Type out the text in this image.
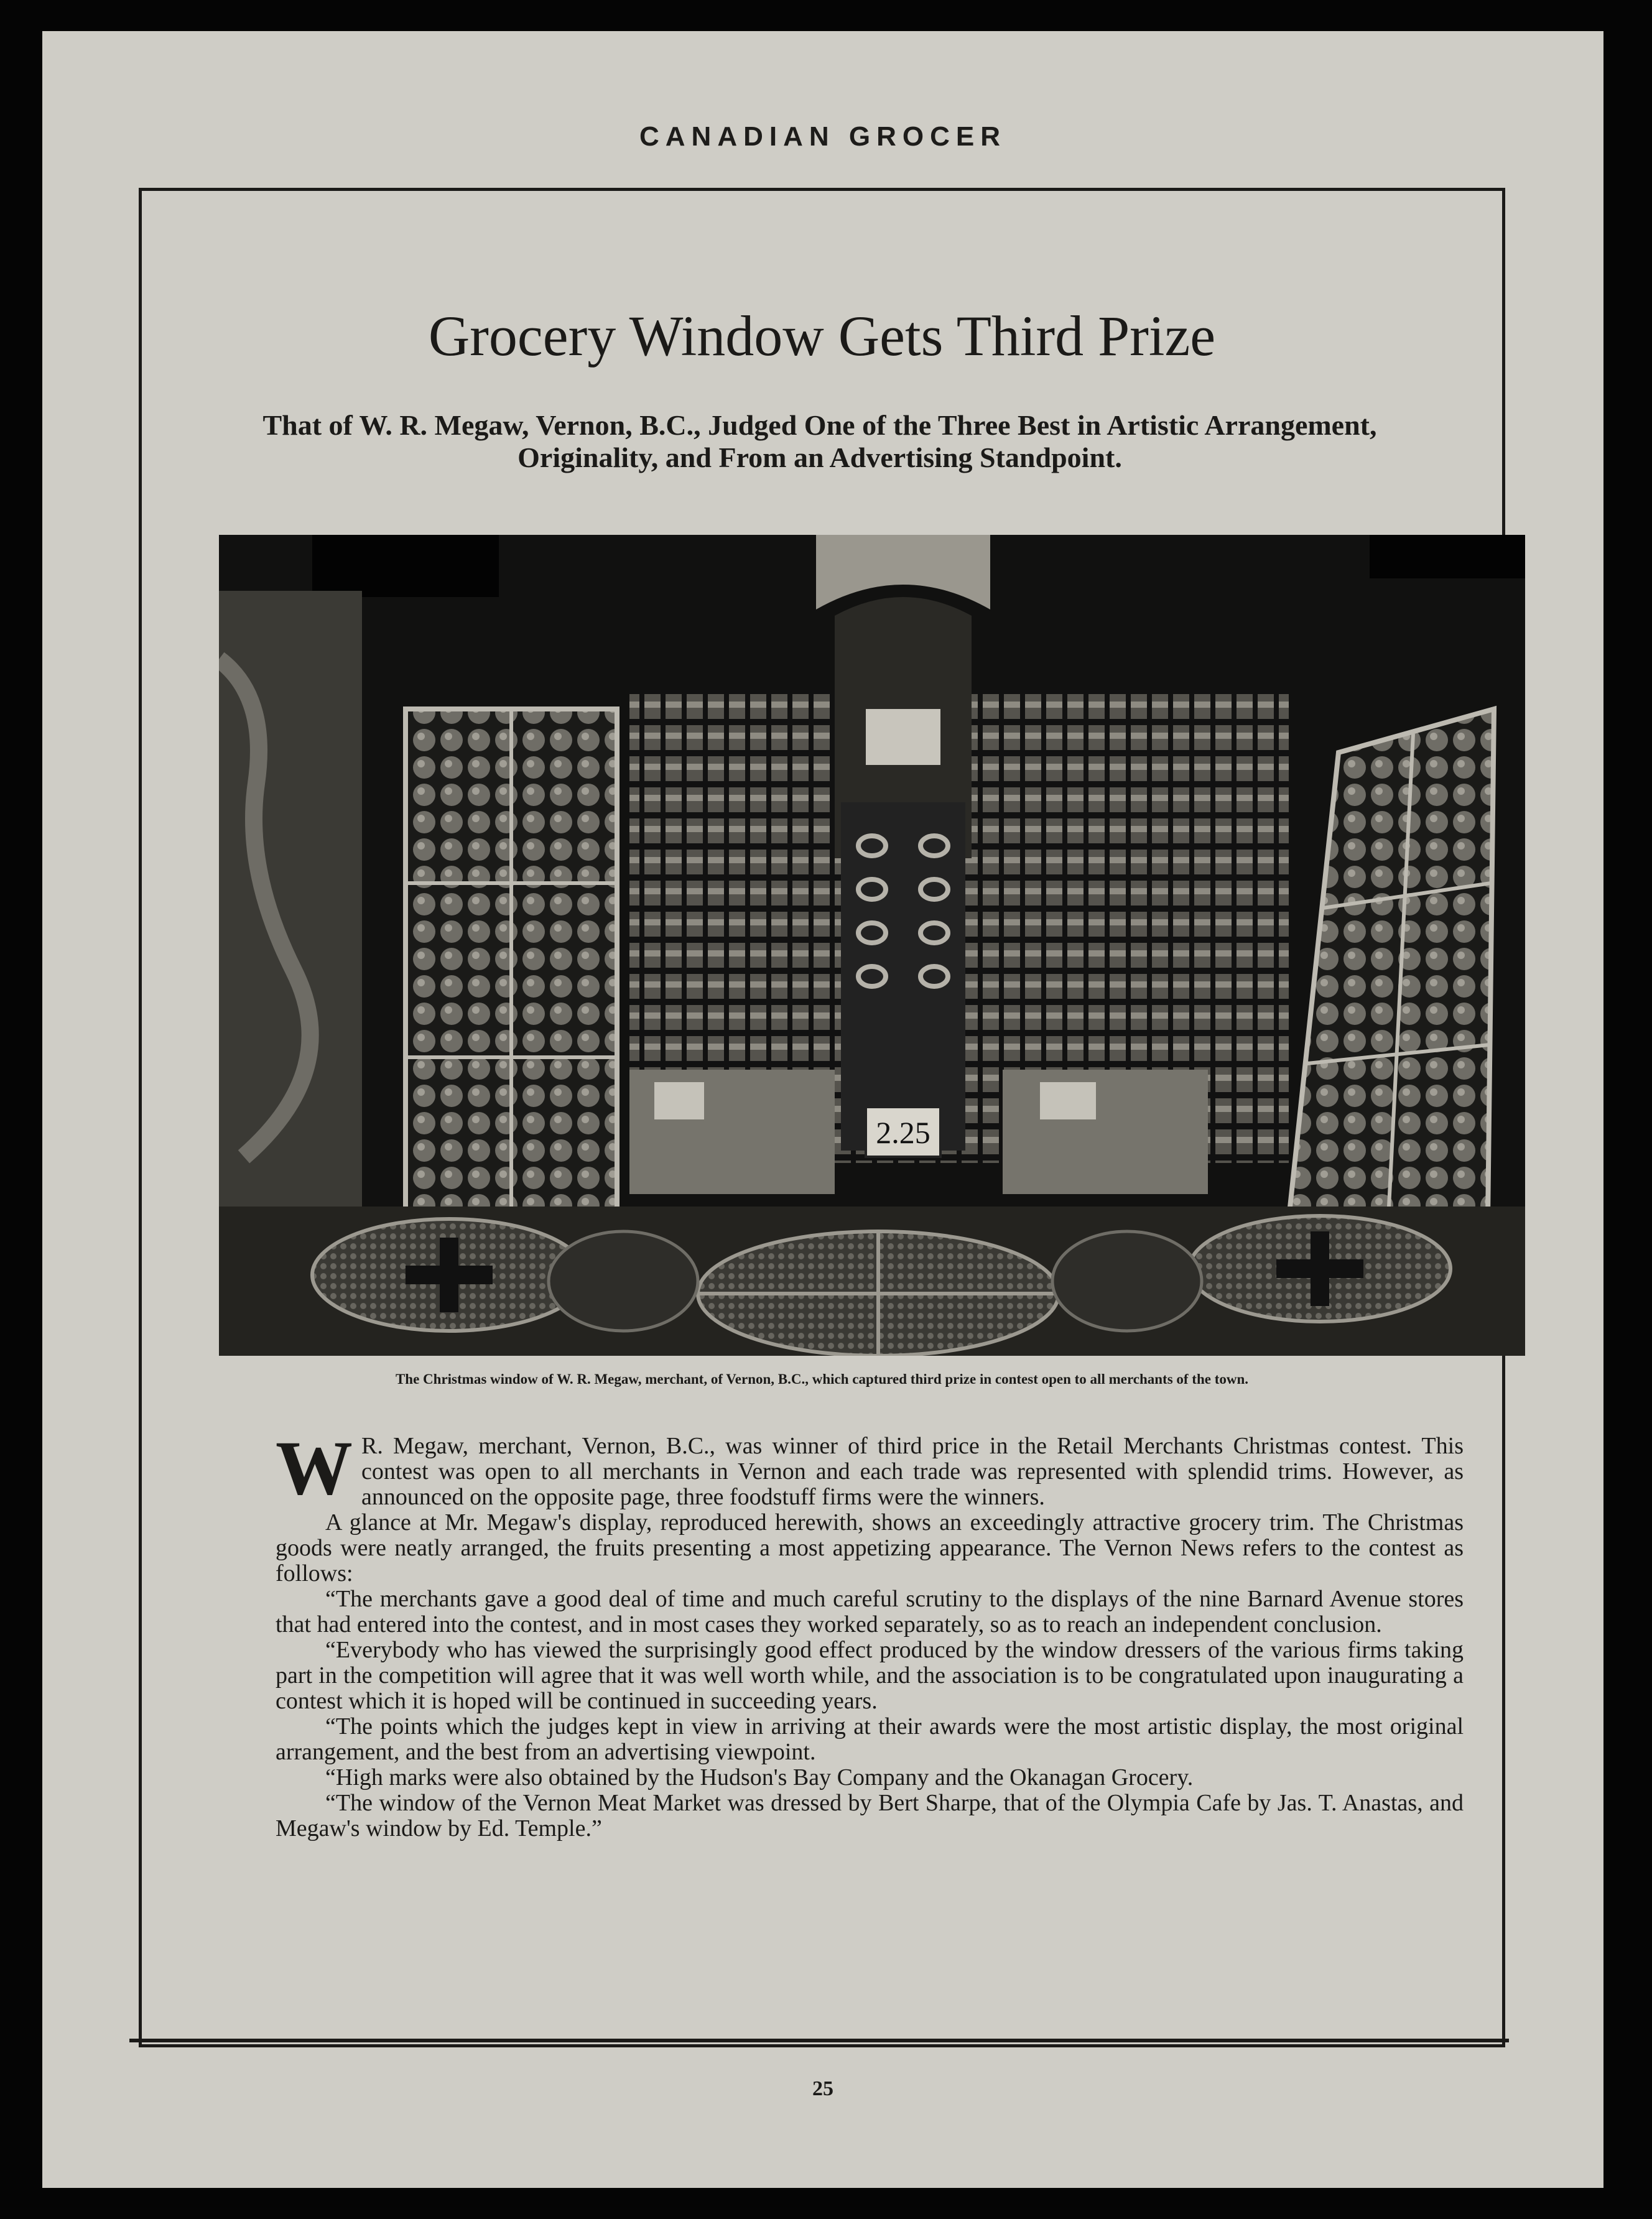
CANADIAN GROCER
Grocery Window Gets Third Prize
That of W. R. Megaw, Vernon, B.C., Judged One of the Three Best in Artistic Arrangement, Originality, and From an Advertising Standpoint.
2.25
The Christmas window of W. R. Megaw, merchant, of Vernon, B.C., which captured third prize in contest open to all merchants of the town.

W R. Megaw, merchant, Vernon, B.C., was winner of third price in the Retail Merchants Christmas contest. This contest was open to all merchants in Vernon and each trade was represented with splendid trims. However, as announced on the opposite page, three foodstuff firms were the winners.

A glance at Mr. Megaw's display, reproduced herewith, shows an exceedingly attractive grocery trim. The Christmas goods were neatly arranged, the fruits presenting a most appetizing appearance. The Vernon News refers to the contest as follows:

“The merchants gave a good deal of time and much careful scrutiny to the displays of the nine Barnard Avenue stores that had entered into the contest, and in most cases they worked separately, so as to reach an independent conclusion.

“Everybody who has viewed the surprisingly good effect produced by the window dressers of the various firms taking part in the competition will agree that it was well worth while, and the association is to be congratulated upon inaugurating a contest which it is hoped will be continued in succeeding years.

“The points which the judges kept in view in arriving at their awards were the most artistic display, the most original arrangement, and the best from an advertising viewpoint.

“High marks were also obtained by the Hudson's Bay Company and the Okanagan Grocery.

“The window of the Vernon Meat Market was dressed by Bert Sharpe, that of the Olympia Cafe by Jas. T. Anastas, and Megaw's window by Ed. Temple.”

25
